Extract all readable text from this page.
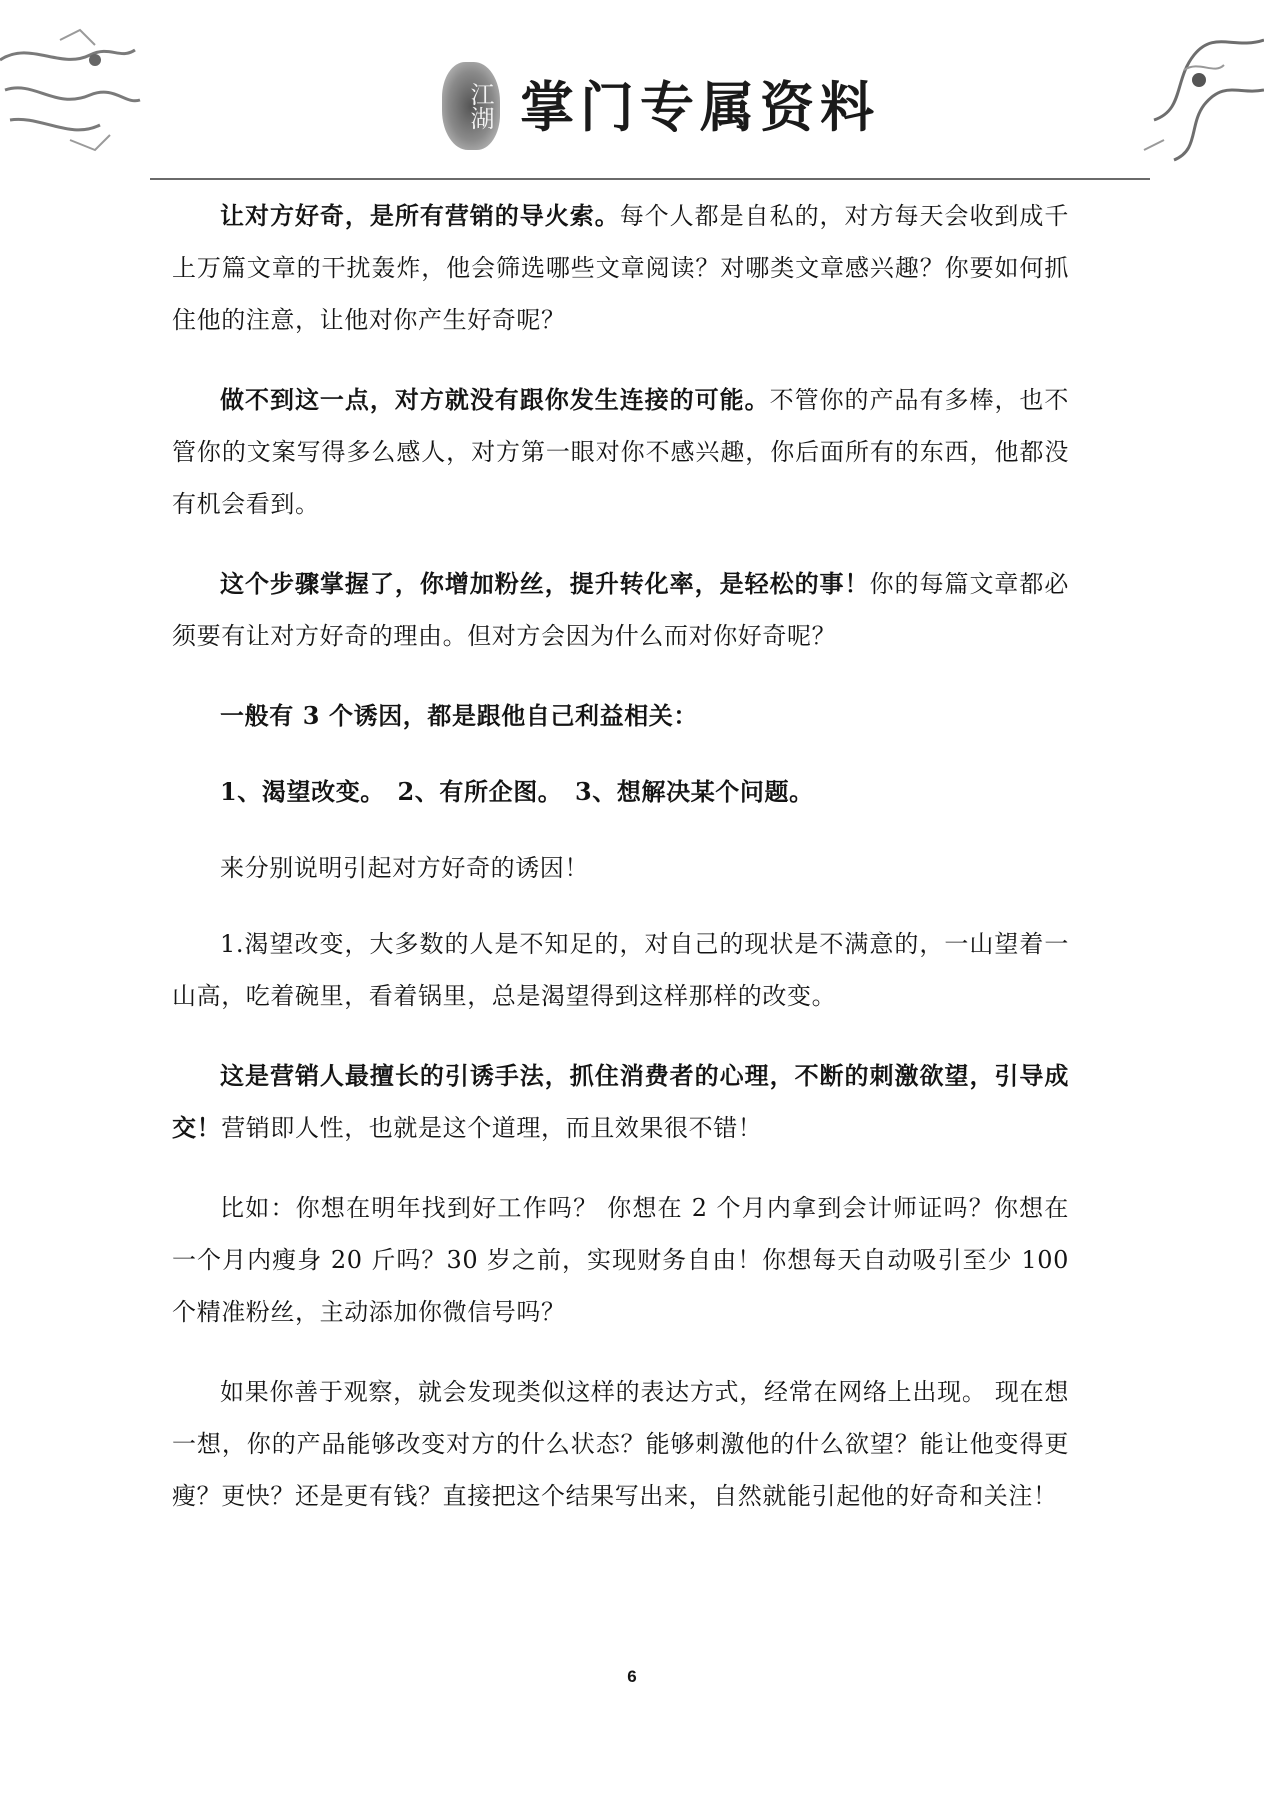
江湖 掌门专属资料

让对方好奇，是所有营销的导火索。每个人都是自私的，对方每天会收到成千上万篇文章的干扰轰炸，他会筛选哪些文章阅读？对哪类文章感兴趣？你要如何抓住他的注意，让他对你产生好奇呢？

做不到这一点，对方就没有跟你发生连接的可能。不管你的产品有多棒，也不管你的文案写得多么感人，对方第一眼对你不感兴趣，你后面所有的东西，他都没有机会看到。

这个步骤掌握了，你增加粉丝，提升转化率，是轻松的事！你的每篇文章都必须要有让对方好奇的理由。但对方会因为什么而对你好奇呢？

一般有 3 个诱因，都是跟他自己利益相关：

1、渴望改变。　2、有所企图。　3、想解决某个问题。

来分别说明引起对方好奇的诱因！

1.渴望改变，大多数的人是不知足的，对自己的现状是不满意的，一山望着一山高，吃着碗里，看着锅里，总是渴望得到这样那样的改变。

这是营销人最擅长的引诱手法，抓住消费者的心理，不断的刺激欲望，引导成交！营销即人性，也就是这个道理，而且效果很不错！

比如：你想在明年找到好工作吗？ 你想在 2 个月内拿到会计师证吗？你想在一个月内瘦身 20 斤吗？30 岁之前，实现财务自由！你想每天自动吸引至少 100 个精准粉丝，主动添加你微信号吗？

如果你善于观察，就会发现类似这样的表达方式，经常在网络上出现。 现在想一想，你的产品能够改变对方的什么状态？能够刺激他的什么欲望？能让他变得更瘦？更快？还是更有钱？直接把这个结果写出来，自然就能引起他的好奇和关注！

6
